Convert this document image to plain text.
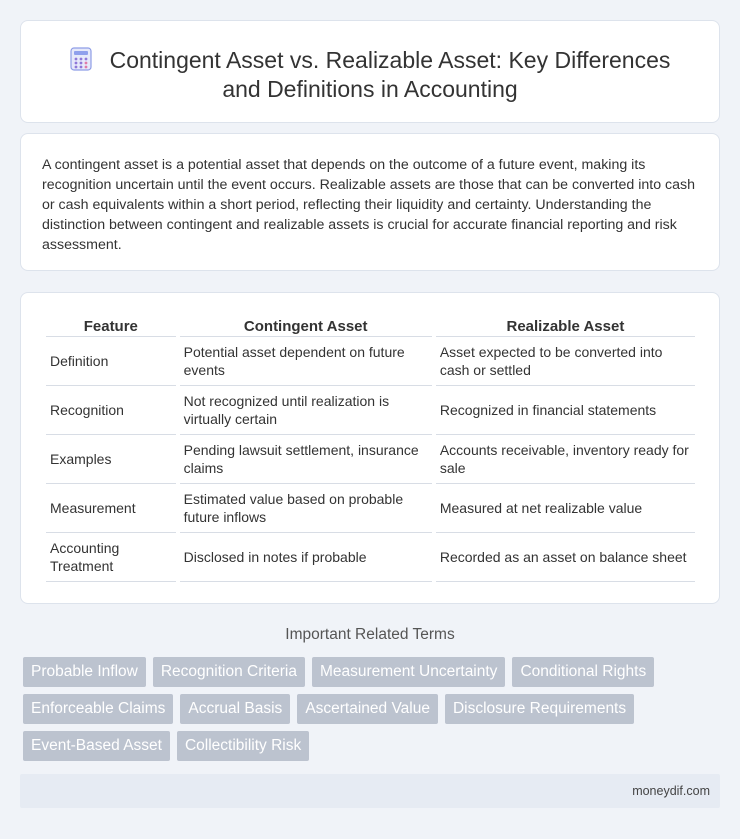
Contingent Asset vs. Realizable Asset: Key Differences and Definitions in Accounting

A contingent asset is a potential asset that depends on the outcome of a future event, making its recognition uncertain until the event occurs. Realizable assets are those that can be converted into cash or cash equivalents within a short period, reflecting their liquidity and certainty. Understanding the distinction between contingent and realizable assets is crucial for accurate financial reporting and risk assessment.

Feature	Contingent Asset	Realizable Asset
Definition	Potential asset dependent on future events	Asset expected to be converted into cash or settled
Recognition	Not recognized until realization is virtually certain	Recognized in financial statements
Examples	Pending lawsuit settlement, insurance claims	Accounts receivable, inventory ready for sale
Measurement	Estimated value based on probable future inflows	Measured at net realizable value
Accounting Treatment	Disclosed in notes if probable	Recorded as an asset on balance sheet
Important Related Terms
Probable Inflow	Recognition Criteria	Measurement Uncertainty	Conditional Rights
Enforceable Claims	Accrual Basis	Ascertained Value	Disclosure Requirements
Event-Based Asset	Collectibility Risk
moneydif.com
